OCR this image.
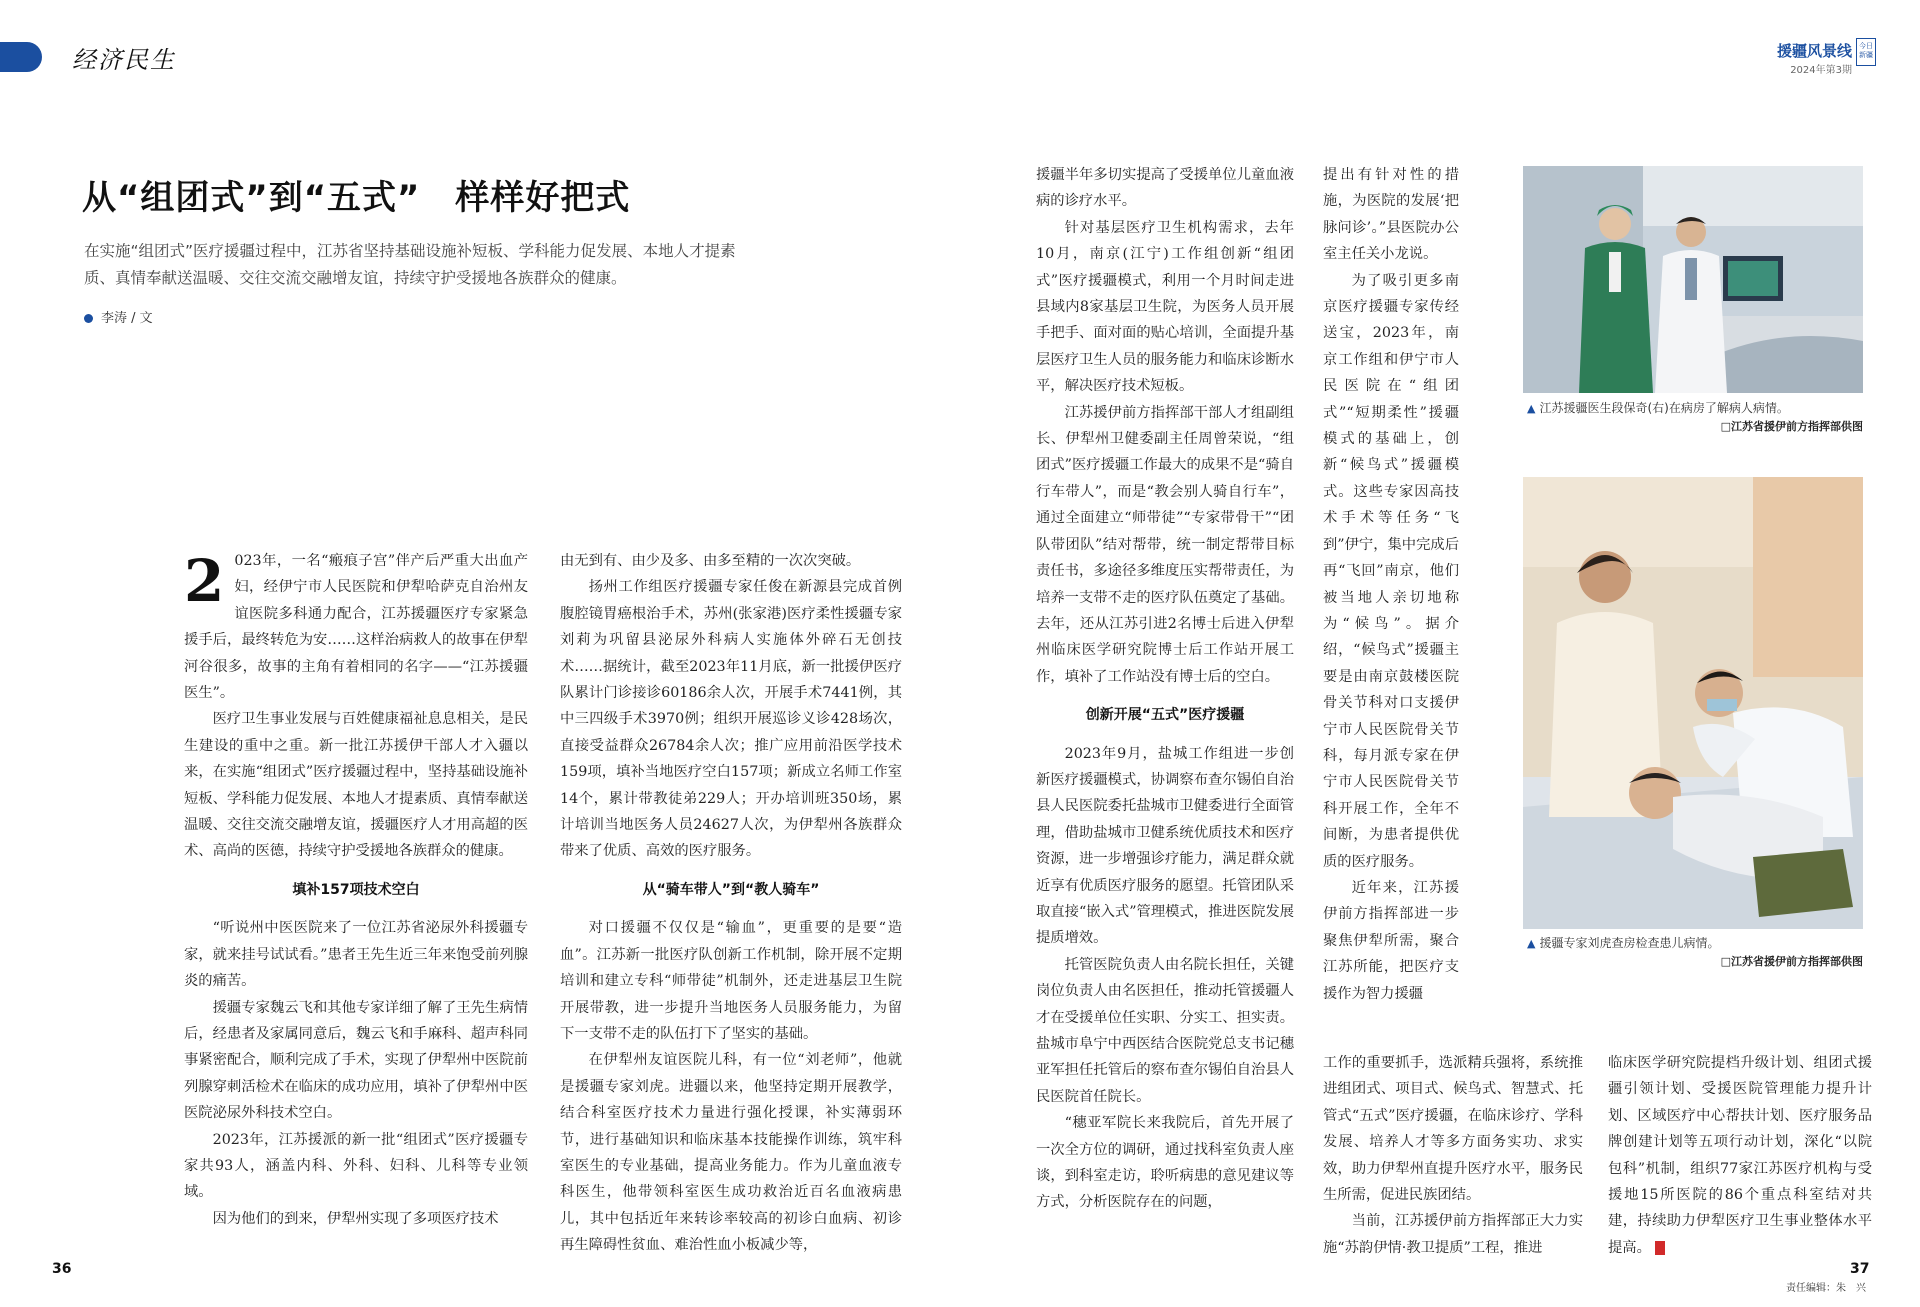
经济民生	援疆风景线
2024年第3期
今日新疆
从“组团式”到“五式”　样样好把式
在实施“组团式”医疗援疆过程中，江苏省坚持基础设施补短板、学科能力促发展、本地人才提素质、真情奉献送温暖、交往交流交融增友谊，持续守护受援地各族群众的健康。
李涛 / 文

2 023年，一名“瘢痕子宫”伴产后严重大出血产妇，经伊宁市人民医院和伊犁哈萨克自治州友谊医院多科通力配合，江苏援疆医疗专家紧急援手后，最终转危为安……这样治病救人的故事在伊犁河谷很多，故事的主角有着相同的名字——“江苏援疆医生”。

医疗卫生事业发展与百姓健康福祉息息相关，是民生建设的重中之重。新一批江苏援伊干部人才入疆以来，在实施“组团式”医疗援疆过程中，坚持基础设施补短板、学科能力促发展、本地人才提素质、真情奉献送温暖、交往交流交融增友谊，援疆医疗人才用高超的医术、高尚的医德，持续守护受援地各族群众的健康。

填补157项技术空白

“听说州中医医院来了一位江苏省泌尿外科援疆专家，就来挂号试试看。”患者王先生近三年来饱受前列腺炎的痛苦。

援疆专家魏云飞和其他专家详细了解了王先生病情后，经患者及家属同意后，魏云飞和手麻科、超声科同事紧密配合，顺利完成了手术，实现了伊犁州中医院前列腺穿刺活检术在临床的成功应用，填补了伊犁州中医医院泌尿外科技术空白。

2023年，江苏援派的新一批“组团式”医疗援疆专家共93人，涵盖内科、外科、妇科、儿科等专业领域。

因为他们的到来，伊犁州实现了多项医疗技术

由无到有、由少及多、由多至精的一次次突破。

扬州工作组医疗援疆专家任俊在新源县完成首例腹腔镜胃癌根治手术，苏州(张家港)医疗柔性援疆专家刘莉为巩留县泌尿外科病人实施体外碎石无创技术……据统计，截至2023年11月底，新一批援伊医疗队累计门诊接诊60186余人次，开展手术7441例，其中三四级手术3970例；组织开展巡诊义诊428场次，直接受益群众26784余人次；推广应用前沿医学技术159项，填补当地医疗空白157项；新成立名师工作室14个，累计带教徒弟229人；开办培训班350场，累计培训当地医务人员24627人次，为伊犁州各族群众带来了优质、高效的医疗服务。

从“骑车带人”到“教人骑车”

对口援疆不仅仅是“输血”，更重要的是要“造血”。江苏新一批医疗队创新工作机制，除开展不定期培训和建立专科“师带徒”机制外，还走进基层卫生院开展带教，进一步提升当地医务人员服务能力，为留下一支带不走的队伍打下了坚实的基础。

在伊犁州友谊医院儿科，有一位“刘老师”，他就是援疆专家刘虎。进疆以来，他坚持定期开展教学，结合科室医疗技术力量进行强化授课，补实薄弱环节，进行基础知识和临床基本技能操作训练，筑牢科室医生的专业基础，提高业务能力。作为儿童血液专科医生，他带领科室医生成功救治近百名血液病患儿，其中包括近年来转诊率较高的初诊白血病、初诊再生障碍性贫血、难治性血小板减少等，

援疆半年多切实提高了受援单位儿童血液病的诊疗水平。

针对基层医疗卫生机构需求，去年10月，南京(江宁)工作组创新“组团式”医疗援疆模式，利用一个月时间走进县域内8家基层卫生院，为医务人员开展手把手、面对面的贴心培训，全面提升基层医疗卫生人员的服务能力和临床诊断水平，解决医疗技术短板。

江苏援伊前方指挥部干部人才组副组长、伊犁州卫健委副主任周曾荣说，“组团式”医疗援疆工作最大的成果不是“骑自行车带人”，而是“教会别人骑自行车”，通过全面建立“师带徒”“专家带骨干”“团队带团队”结对帮带，统一制定帮带目标责任书，多途径多维度压实帮带责任，为培养一支带不走的医疗队伍奠定了基础。去年，还从江苏引进2名博士后进入伊犁州临床医学研究院博士后工作站开展工作，填补了工作站没有博士后的空白。

创新开展“五式”医疗援疆

2023年9月，盐城工作组进一步创新医疗援疆模式，协调察布查尔锡伯自治县人民医院委托盐城市卫健委进行全面管理，借助盐城市卫健系统优质技术和医疗资源，进一步增强诊疗能力，满足群众就近享有优质医疗服务的愿望。托管团队采取直接“嵌入式”管理模式，推进医院发展提质增效。

托管医院负责人由名院长担任，关键岗位负责人由名医担任，推动托管援疆人才在受援单位任实职、分实工、担实责。盐城市阜宁中西医结合医院党总支书记穗亚军担任托管后的察布查尔锡伯自治县人民医院首任院长。

“穗亚军院长来我院后，首先开展了一次全方位的调研，通过找科室负责人座谈，到科室走访，聆听病患的意见建议等方式，分析医院存在的问题，

提出有针对性的措施，为医院的发展‘把脉问诊’。”县医院办公室主任关小龙说。

为了吸引更多南京医疗援疆专家传经送宝，2023年，南京工作组和伊宁市人民医院在“组团式”“短期柔性”援疆模式的基础上，创新“候鸟式”援疆模式。这些专家因高技术手术等任务“飞到”伊宁，集中完成后再“飞回”南京，他们被当地人亲切地称为“候鸟”。据介绍，“候鸟式”援疆主要是由南京鼓楼医院骨关节科对口支援伊宁市人民医院骨关节科，每月派专家在伊宁市人民医院骨关节科开展工作，全年不间断，为患者提供优质的医疗服务。

近年来，江苏援伊前方指挥部进一步聚焦伊犁所需，聚合江苏所能，把医疗支援作为智力援疆

工作的重要抓手，选派精兵强将，系统推进组团式、项目式、候鸟式、智慧式、托管式“五式”医疗援疆，在临床诊疗、学科发展、培养人才等多方面务实功、求实效，助力伊犁州直提升医疗水平，服务民生所需，促进民族团结。

当前，江苏援伊前方指挥部正大力实施“苏韵伊情·教卫提质”工程，推进

临床医学研究院提档升级计划、组团式援疆引领计划、受援医院管理能力提升计划、区域医疗中心帮扶计划、医疗服务品牌创建计划等五项行动计划，深化“以院包科”机制，组织77家江苏医疗机构与受援地15所医院的86个重点科室结对共建，持续助力伊犁医疗卫生事业整体水平提高。

▲ 江苏援疆医生段保奇(右)在病房了解病人病情。
□江苏省援伊前方指挥部供图
▲ 援疆专家刘虎查房检查患儿病情。
□江苏省援伊前方指挥部供图
36	37
责任编辑：朱　兴
